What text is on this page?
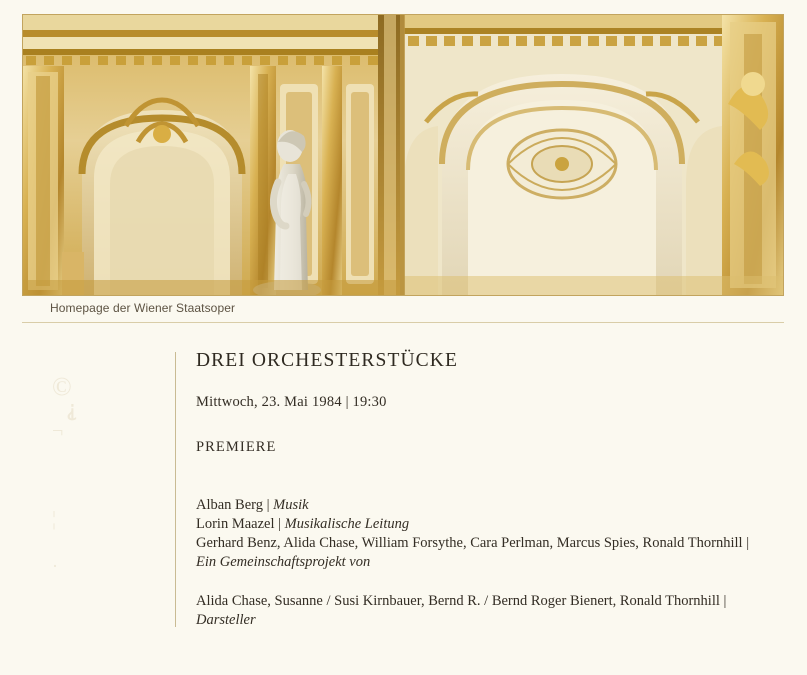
Homepage der Wiener Staatsoper
©
⸘
¬
¦
·
DREI ORCHESTERSTÜCKE
Mittwoch, 23. Mai 1984 | 19:30
PREMIERE
Alban Berg | Musik
Lorin Maazel | Musikalische Leitung
Gerhard Benz, Alida Chase, William Forsythe, Cara Perlman, Marcus Spies, Ronald Thornhill |
Ein Gemeinschaftsprojekt von
Alida Chase, Susanne / Susi Kirnbauer, Bernd R. / Bernd Roger Bienert, Ronald Thornhill |
Darsteller
